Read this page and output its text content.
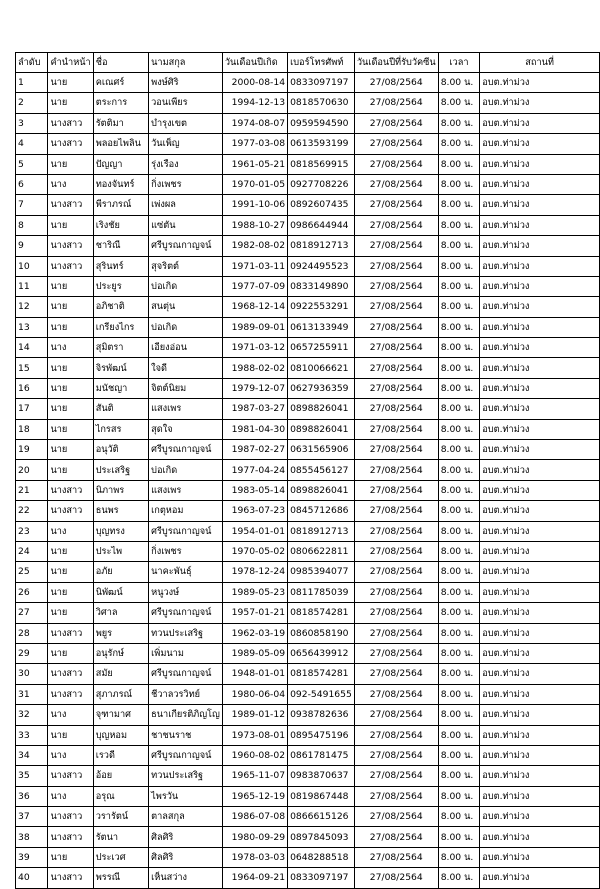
ลำดับ	คำนำหน้า	ชื่อ	นามสกุล	วันเดือนปีเกิด	เบอร์โทรศัพท์	วันเดือนปีที่รับวัคซีน	เวลา	สถานที่
1	นาย	คเณศร์	พงษ์ศิริ	2000-08-14	0833097197	27/08/2564	8.00 น.	อบต.ท่าม่วง
2	นาย	ตระการ	วอนเพียร	1994-12-13	0818570630	27/08/2564	8.00 น.	อบต.ท่าม่วง
3	นางสาว	รัตติมา	บำรุงเขต	1974-08-07	0959594590	27/08/2564	8.00 น.	อบต.ท่าม่วง
4	นางสาว	พลอยไพลิน	วันเพ็ญ	1977-03-08	0613593199	27/08/2564	8.00 น.	อบต.ท่าม่วง
5	นาย	ปัญญา	รุ่งเรือง	1961-05-21	0818569915	27/08/2564	8.00 น.	อบต.ท่าม่วง
6	นาง	ทองจันทร์	กิ่งเพชร	1970-01-05	0927708226	27/08/2564	8.00 น.	อบต.ท่าม่วง
7	นางสาว	พีราภรณ์	เพ่งผล	1991-10-06	0892607435	27/08/2564	8.00 น.	อบต.ท่าม่วง
8	นาย	เริงชัย	แซ่ตัน	1988-10-27	0986644944	27/08/2564	8.00 น.	อบต.ท่าม่วง
9	นางสาว	ชาริณี	ศรีบูรณกาญจน์	1982-08-02	0818912713	27/08/2564	8.00 น.	อบต.ท่าม่วง
10	นางสาว	สุรินทร์	สุจริตต์	1971-03-11	0924495523	27/08/2564	8.00 น.	อบต.ท่าม่วง
11	นาย	ประยูร	บ่อเกิด	1977-07-09	0833149890	27/08/2564	8.00 น.	อบต.ท่าม่วง
12	นาย	อภิชาติ	สนตุ่น	1968-12-14	0922553291	27/08/2564	8.00 น.	อบต.ท่าม่วง
13	นาย	เกรียงไกร	บ่อเกิด	1989-09-01	0613133949	27/08/2564	8.00 น.	อบต.ท่าม่วง
14	นาง	สุมิตรา	เอียงอ่อน	1971-03-12	0657255911	27/08/2564	8.00 น.	อบต.ท่าม่วง
15	นาย	จิรพัฒน์	ใจดี	1988-02-02	0810066621	27/08/2564	8.00 น.	อบต.ท่าม่วง
16	นาย	มนัชญา	จิตต์นิยม	1979-12-07	0627936359	27/08/2564	8.00 น.	อบต.ท่าม่วง
17	นาย	สันติ	แสงเพร	1987-03-27	0898826041	27/08/2564	8.00 น.	อบต.ท่าม่วง
18	นาย	ไกรสร	สุดใจ	1981-04-30	0898826041	27/08/2564	8.00 น.	อบต.ท่าม่วง
19	นาย	อนุวัติ	ศรีบูรณกาญจน์	1987-02-27	0631565906	27/08/2564	8.00 น.	อบต.ท่าม่วง
20	นาย	ประเสริฐ	บ่อเกิด	1977-04-24	0855456127	27/08/2564	8.00 น.	อบต.ท่าม่วง
21	นางสาว	นิภาพร	แสงเพร	1983-05-14	0898826041	27/08/2564	8.00 น.	อบต.ท่าม่วง
22	นางสาว	ธนพร	เกตุหอม	1963-07-23	0845712686	27/08/2564	8.00 น.	อบต.ท่าม่วง
23	นาง	บุญทรง	ศรีบูรณกาญจน์	1954-01-01	0818912713	27/08/2564	8.00 น.	อบต.ท่าม่วง
24	นาย	ประไพ	กิ่งเพชร	1970-05-02	0806622811	27/08/2564	8.00 น.	อบต.ท่าม่วง
25	นาย	อภัย	นาคะพันธุ์	1978-12-24	0985394077	27/08/2564	8.00 น.	อบต.ท่าม่วง
26	นาย	นิพัฒน์	หนูวงษ์	1989-05-23	0811785039	27/08/2564	8.00 น.	อบต.ท่าม่วง
27	นาย	วิศาล	ศรีบูรณกาญจน์	1957-01-21	0818574281	27/08/2564	8.00 น.	อบต.ท่าม่วง
28	นางสาว	พยูร	ทวนประเสริฐ	1962-03-19	0860858190	27/08/2564	8.00 น.	อบต.ท่าม่วง
29	นาย	อนุรักษ์	เพิ่มนาม	1989-05-09	0656439912	27/08/2564	8.00 น.	อบต.ท่าม่วง
30	นางสาว	สมัย	ศรีบูรณกาญจน์	1948-01-01	0818574281	27/08/2564	8.00 น.	อบต.ท่าม่วง
31	นางสาว	สุภาภรณ์	ชีวาลวรวิทย์	1980-06-04	092-5491655	27/08/2564	8.00 น.	อบต.ท่าม่วง
32	นาง	จุฑามาศ	ธนาเกียรติภิญโญ	1989-01-12	0938782636	27/08/2564	8.00 น.	อบต.ท่าม่วง
33	นาย	บุญหอม	ชาชนราช	1973-08-01	0895475196	27/08/2564	8.00 น.	อบต.ท่าม่วง
34	นาง	เรวดี	ศรีบูรณกาญจน์	1960-08-02	0861781475	27/08/2564	8.00 น.	อบต.ท่าม่วง
35	นางสาว	อ้อย	ทวนประเสริฐ	1965-11-07	0983870637	27/08/2564	8.00 น.	อบต.ท่าม่วง
36	นาง	อรุณ	ไพรวัน	1965-12-19	0819867448	27/08/2564	8.00 น.	อบต.ท่าม่วง
37	นางสาว	วรารัตน์	ตาลสกุล	1986-07-08	0866615126	27/08/2564	8.00 น.	อบต.ท่าม่วง
38	นางสาว	รัตนา	ศิลศิริ	1980-09-29	0897845093	27/08/2564	8.00 น.	อบต.ท่าม่วง
39	นาย	ประเวศ	ศิลศิริ	1978-03-03	0648288518	27/08/2564	8.00 น.	อบต.ท่าม่วง
40	นางสาว	พรรณี	เห็นสว่าง	1964-09-21	0833097197	27/08/2564	8.00 น.	อบต.ท่าม่วง
